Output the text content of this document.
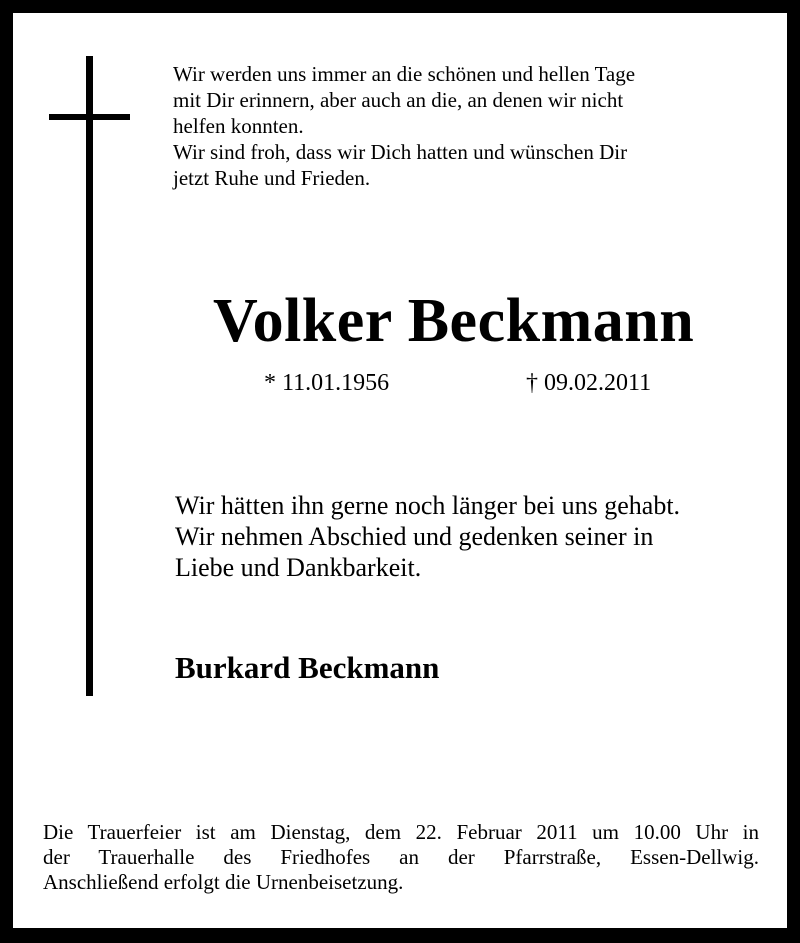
Wir werden uns immer an die schönen und hellen Tage

mit Dir erinnern, aber auch an die, an denen wir nicht

helfen konnten.

Wir sind froh, dass wir Dich hatten und wünschen Dir

jetzt Ruhe und Frieden.

Volker Beckmann
* 11.01.1956	† 09.02.2011

Wir hätten ihn gerne noch länger bei uns gehabt.

Wir nehmen Abschied und gedenken seiner in

Liebe und Dankbarkeit.

Burkard Beckmann

Die Trauerfeier ist am Dienstag, dem 22. Februar 2011 um 10.00 Uhr in

der Trauerhalle des Friedhofes an der Pfarrstraße, Essen-Dellwig.

Anschließend erfolgt die Urnenbeisetzung.
